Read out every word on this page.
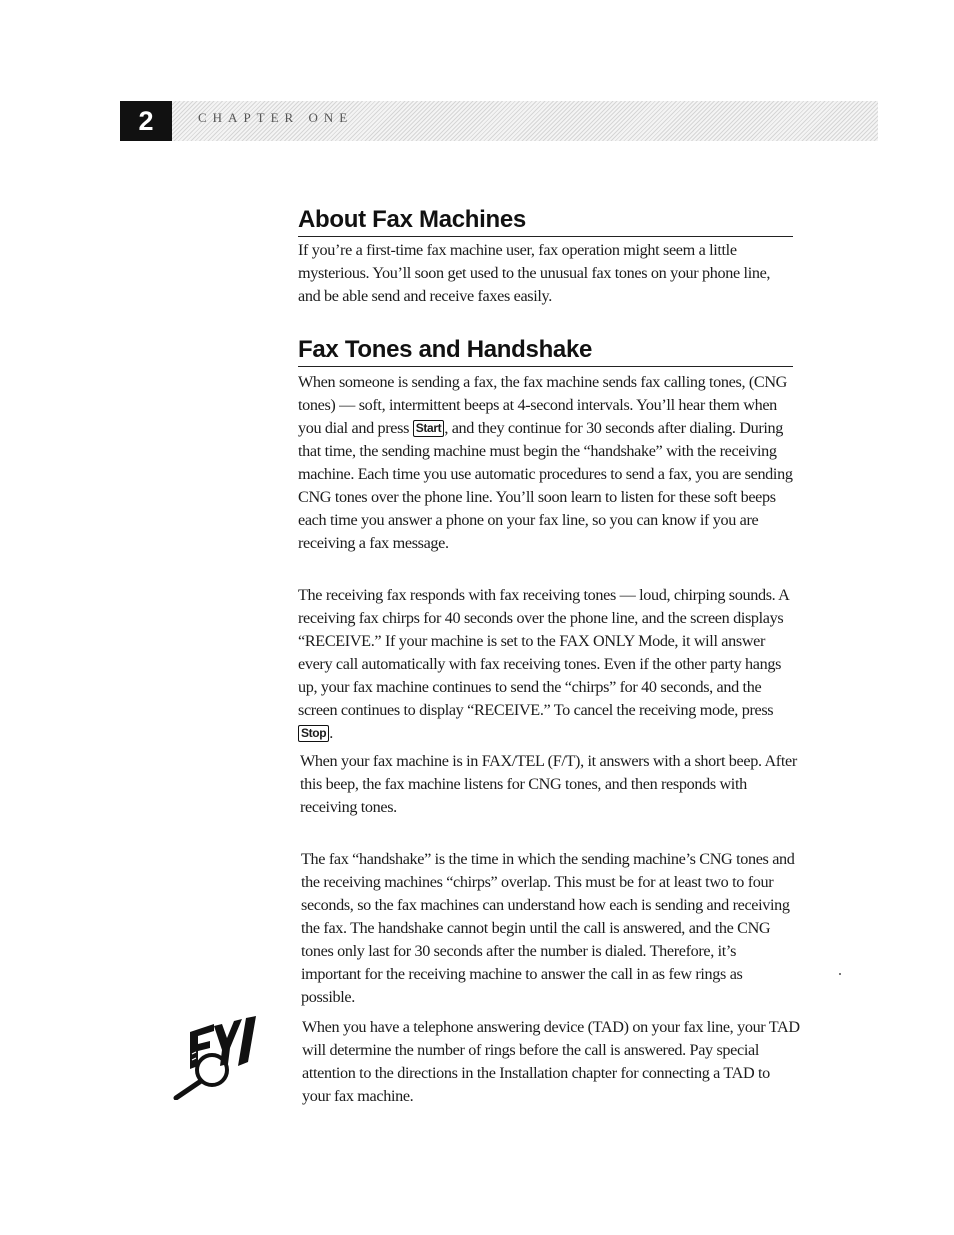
2	CHAPTER ONE
About Fax Machines
If you’re a first-time fax machine user, fax operation might seem a little mysterious. You’ll soon get used to the unusual fax tones on your phone line, and be able send and receive faxes easily.
Fax Tones and Handshake
When someone is sending a fax, the fax machine sends fax calling tones, (CNG tones) — soft, intermittent beeps at 4-second intervals. You’ll hear them when you dial and press Start , and they continue for 30 seconds after dialing. During that time, the sending machine must begin the “handshake” with the receiving machine. Each time you use automatic procedures to send a fax, you are sending CNG tones over the phone line. You’ll soon learn to listen for these soft beeps each time you answer a phone on your fax line, so you can know if you are receiving a fax message.
The receiving fax responds with fax receiving tones — loud, chirping sounds. A receiving fax chirps for 40 seconds over the phone line, and the screen displays “RECEIVE.” If your machine is set to the FAX ONLY Mode, it will answer every call automatically with fax receiving tones. Even if the other party hangs up, your fax machine continues to send the “chirps” for 40 seconds, and the screen continues to display “RECEIVE.” To cancel the receiving mode, press Stop .
When your fax machine is in FAX/TEL (F/T), it answers with a short beep. After this beep, the fax machine listens for CNG tones, and then responds with receiving tones.
The fax “handshake” is the time in which the sending machine’s CNG tones and the receiving machines “chirps” overlap. This must be for at least two to four seconds, so the fax machines can understand how each is sending and receiving the fax. The handshake cannot begin until the call is answered, and the CNG tones only last for 30 seconds after the number is dialed. Therefore, it’s important for the receiving machine to answer the call in as few rings as possible.
When you have a telephone answering device (TAD) on your fax line, your TAD will determine the number of rings before the call is answered. Pay special attention to the directions in the Installation chapter for connecting a TAD to your fax machine.
